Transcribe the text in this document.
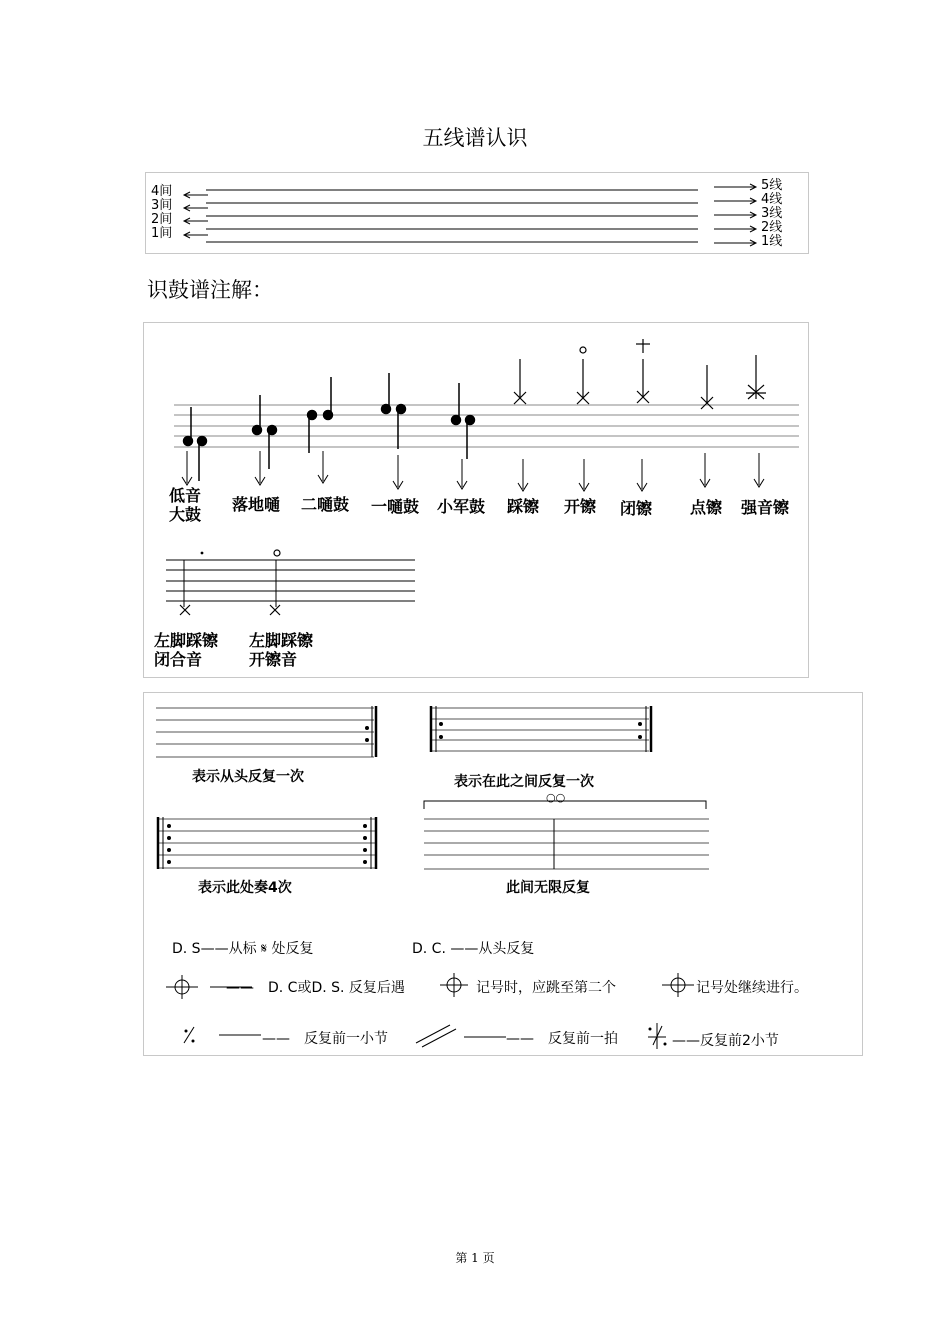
五线谱认识
4间
3间
2间
1间
5线
4线
3线
2线
1线
识鼓谱注解：
低音
大鼓
落地嗵 二嗵鼓 一嗵鼓 小军鼓 踩镲 开镲 闭镲 点镲 强音镲
左脚踩镲
闭合音
左脚踩镲
开镲音
表示从头反复一次	表示在此之间反复一次
○○
表示此处奏4次	此间无限反复
D. S——从标 𝄋 处反复	D. C. ——从头反复
——　D. C或D. S. 反复后遇	记号时，应跳至第二个	记号处继续进行。
——　反复前一小节	——　反复前一拍	——反复前2小节
第 1 页
